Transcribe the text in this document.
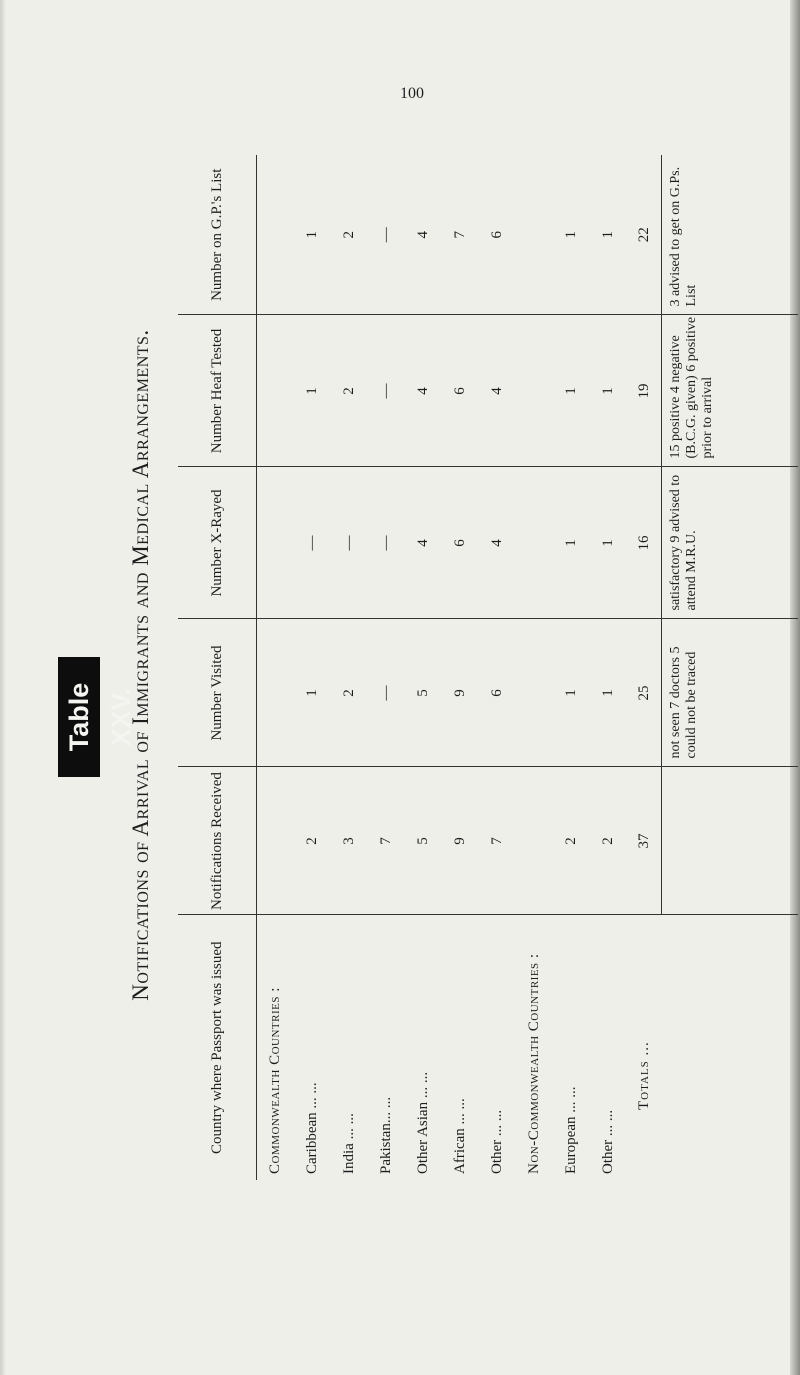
Table XXV.
Notifications of Arrival of Immigrants and Medical Arrangements.
Country where Passport was issued	Notifications Received	Number Visited	Number X-Rayed	Number Heaf Tested	Number on G.P.'s List
Commonwealth Countries :					
Caribbean ... ...	2	1	—	1	1
India ... ...	3	2	—	2	2
Pakistan... ...	7	—	—	—	—
Other Asian ... ...	5	5	4	4	4
African ... ...	9	9	6	6	7
Other ... ...	7	6	4	4	6
Non-Commonwealth Countries :					
European ... ...	2	1	1	1	1
Other ... ...	2	1	1	1	1
Totals ...	37	25	16	19	22
		not seen 7 doctors 5 could not be traced	satisfactory 9 advised to attend M.R.U.	15 positive 4 negative (B.C.G. given) 6 positive prior to arrival	3 advised to get on G.Ps. List
100
